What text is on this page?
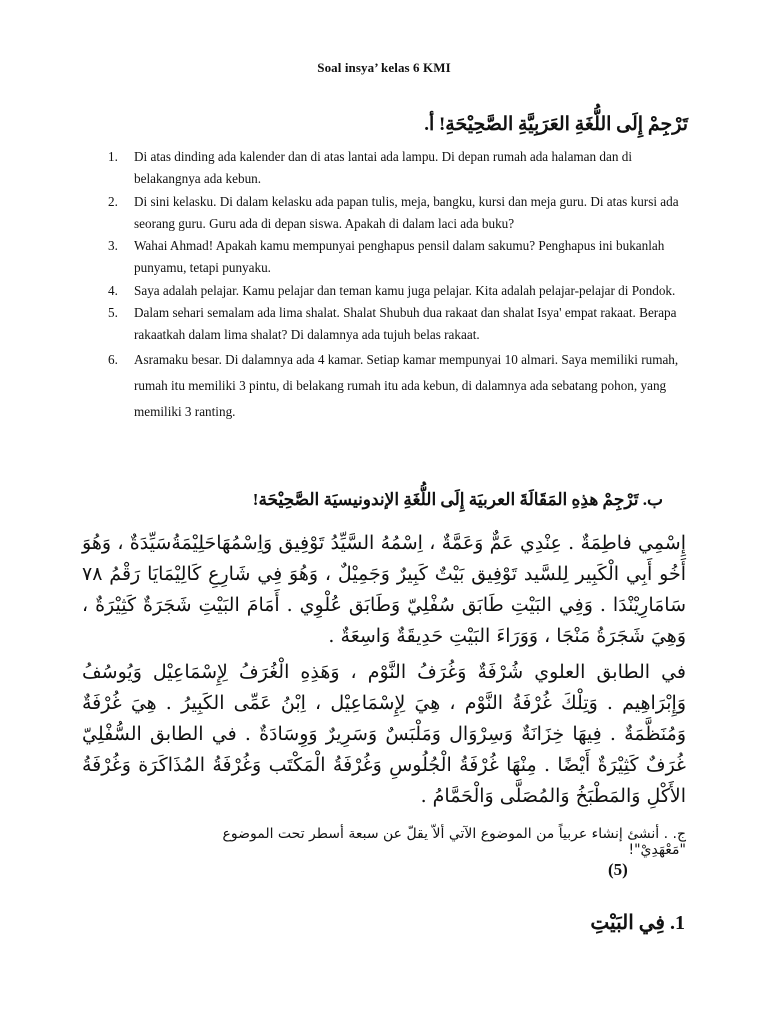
Soal insya’ kelas 6 KMI
تَرْجِمْ إِلَى اللُّغَةِ العَرَبِيَّةِ الصَّحِيْحَةِ! أ.
1. Di atas dinding ada kalender dan di atas lantai ada lampu. Di depan rumah ada halaman dan di belakangnya ada kebun.
2. Di sini kelasku. Di dalam kelasku ada papan tulis, meja, bangku, kursi dan meja guru. Di atas kursi ada seorang guru. Guru ada di depan siswa. Apakah di dalam laci ada buku?
3. Wahai Ahmad! Apakah kamu mempunyai penghapus pensil dalam sakumu? Penghapus ini bukanlah punyamu, tetapi punyaku.
4. Saya adalah pelajar. Kamu pelajar dan teman kamu juga pelajar. Kita adalah pelajar-pelajar di Pondok.
5. Dalam sehari semalam ada lima shalat. Shalat Shubuh dua rakaat dan shalat Isya' empat rakaat. Berapa rakaatkah dalam lima shalat? Di dalamnya ada tujuh belas rakaat.
6. Asramaku besar. Di dalamnya ada 4 kamar. Setiap kamar mempunyai 10 almari. Saya memiliki rumah, rumah itu memiliki 3 pintu, di belakang rumah itu ada kebun, di dalamnya ada sebatang pohon, yang memiliki 3 ranting.
ب. تَرْجِمْ هذِهِ المَقَالَةَ العربيَة إِلَى اللُّغَةِ الإندونيسيَة الصَّحِيْحَة!

إِسْمِي فاطِمَةٌ . عِنْدِي عَمٌّ وَعَمَّةٌ ، اِسْمُهُ السَّيِّدُ تَوْفِيق وَاِسْمُهَاحَلِيْمَةُسَيِّدَةٌ ، وَهُوَ أَخُو أَبِي الْكَبِير لِلسَّيد تَوْفِيق بَيْتٌ كَبِيرٌ وَجَمِيْلٌ ، وَهُوَ فِي شَارِعِ كَالِيْمَايَا رَقْمُ ٧٨ سَامَارِيْنْدَا . وَفِي البَيْتِ طَابَق سُفْلِيّ وَطَابَق عُلْوِي . أَمَامَ البَيْتِ شَجَرَةٌ كَثِيْرَةٌ ، وَهِيَ شَجَرَةُ مَنْجَا ، وَوَرَاءَ البَيْتِ حَدِيقَةٌ وَاسِعَةٌ .

في الطابق العلوي شُرْفَةٌ وَغُرَفُ النَّوْم ، وَهَذِهِ الْغُرَفُ لِإِسْمَاعِيْل وَيُوسُفُ وَإِبْرَاهِيم . وَتِلْكَ غُرْفَةُ النَّوْم ، هِيَ لِإِسْمَاعِيْل ، اِبْنُ عَمِّى الكَبِيرُ . هِيَ غُرْفَةٌ وَمُنَظَّمَةٌ . فِيهَا خِزَانَةٌ وَسِرْوَال وَمَلْبَسٌ وَسَرِيرٌ وَوِسَادَةٌ . في الطابق السُّفْلِيّ غُرَفٌ كَثِيْرَةٌ أَيْضًا . مِنْهَا غُرْفَةُ الْجُلُوسِ وَغُرْفَةُ الْمَكْتَب وَغُرْفَةُ المُذَاكَرَة وَغُرْفَةُ الأَكْلِ وَالمَطْبَخُ وَالمُصَلَّى وَالْحَمَّامُ .

ج. . أنشئ إنشاء عربياً من الموضوع الآتي ألاّ يقلّ عن سبعة أسطر تحت الموضوع "مَعْهَدِيْ"!
(5)
1. فِي البَيْتِ
